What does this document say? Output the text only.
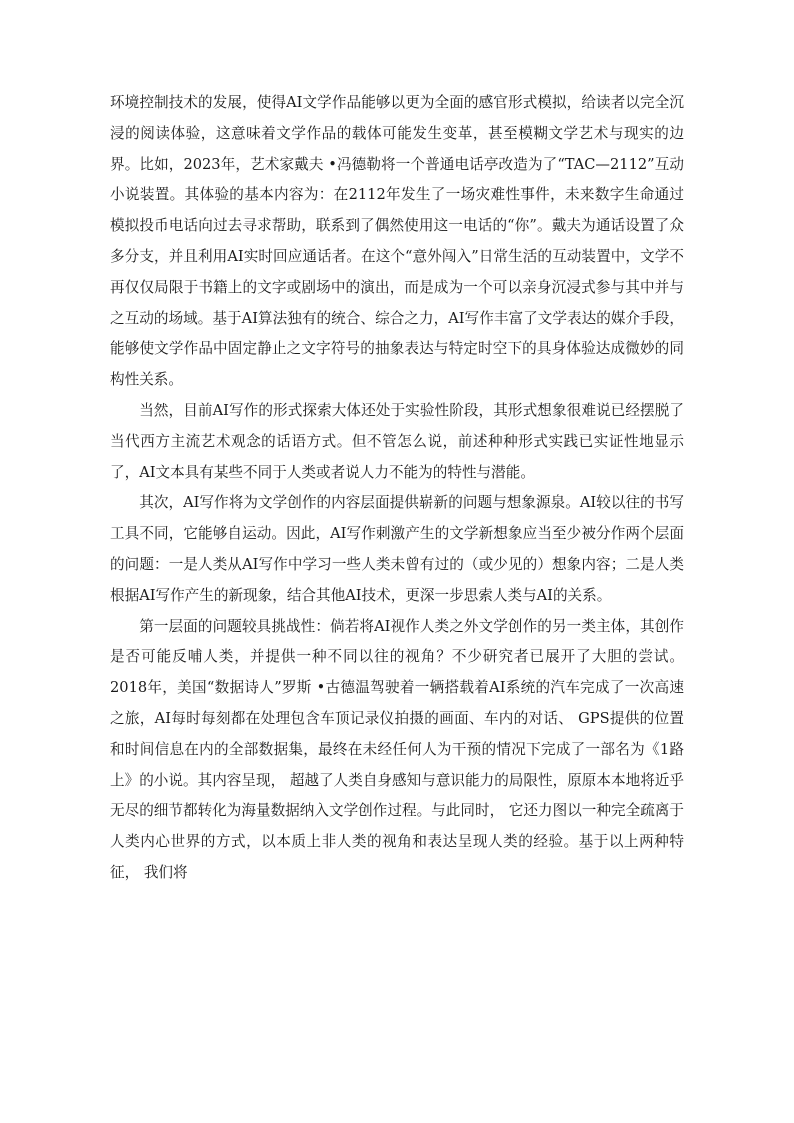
环境控制技术的发展，使得AI文学作品能够以更为全面的感官形式模拟，给读者以完全沉浸的阅读体验，这意味着文学作品的载体可能发生变革，甚至模糊文学艺术与现实的边界。比如，2023年，艺术家戴夫 •冯德勒将一个普通电话亭改造为了“TAC—2112”互动小说装置。其体验的基本内容为：在2112年发生了一场灾难性事件，未来数字生命通过模拟投币电话向过去寻求帮助，联系到了偶然使用这一电话的“你”。戴夫为通话设置了众多分支，并且利用AI实时回应通话者。在这个“意外闯入”日常生活的互动装置中，文学不再仅仅局限于书籍上的文字或剧场中的演出，而是成为一个可以亲身沉浸式参与其中并与之互动的场域。基于AI算法独有的统合、综合之力，AI写作丰富了文学表达的媒介手段，能够使文学作品中固定静止之文字符号的抽象表达与特定时空下的具身体验达成微妙的同构性关系。

当然，目前AI写作的形式探索大体还处于实验性阶段，其形式想象很难说已经摆脱了当代西方主流艺术观念的话语方式。但不管怎么说，前述种种形式实践已实证性地显示了，AI文本具有某些不同于人类或者说人力不能为的特性与潜能。

其次，AI写作将为文学创作的内容层面提供崭新的问题与想象源泉。AI较以往的书写工具不同，它能够自运动。因此，AI写作刺激产生的文学新想象应当至少被分作两个层面的问题：一是人类从AI写作中学习一些人类未曾有过的（或少见的）想象内容；二是人类根据AI写作产生的新现象，结合其他AI技术，更深一步思索人类与AI的关系。

第一层面的问题较具挑战性：倘若将AI视作人类之外文学创作的另一类主体，其创作是否可能反哺人类，并提供一种不同以往的视角？不少研究者已展开了大胆的尝试。2018年，美国“数据诗人”罗斯 •古德温驾驶着一辆搭载着AI系统的汽车完成了一次高速之旅，AI每时每刻都在处理包含车顶记录仪拍摄的画面、车内的对话、 GPS提供的位置和时间信息在内的全部数据集，最终在未经任何人为干预的情况下完成了一部名为《1路上》的小说。其内容呈现， 超越了人类自身感知与意识能力的局限性，原原本本地将近乎无尽的细节都转化为海量数据纳入文学创作过程。与此同时， 它还力图以一种完全疏离于人类内心世界的方式，以本质上非人类的视角和表达呈现人类的经验。基于以上两种特征， 我们将
